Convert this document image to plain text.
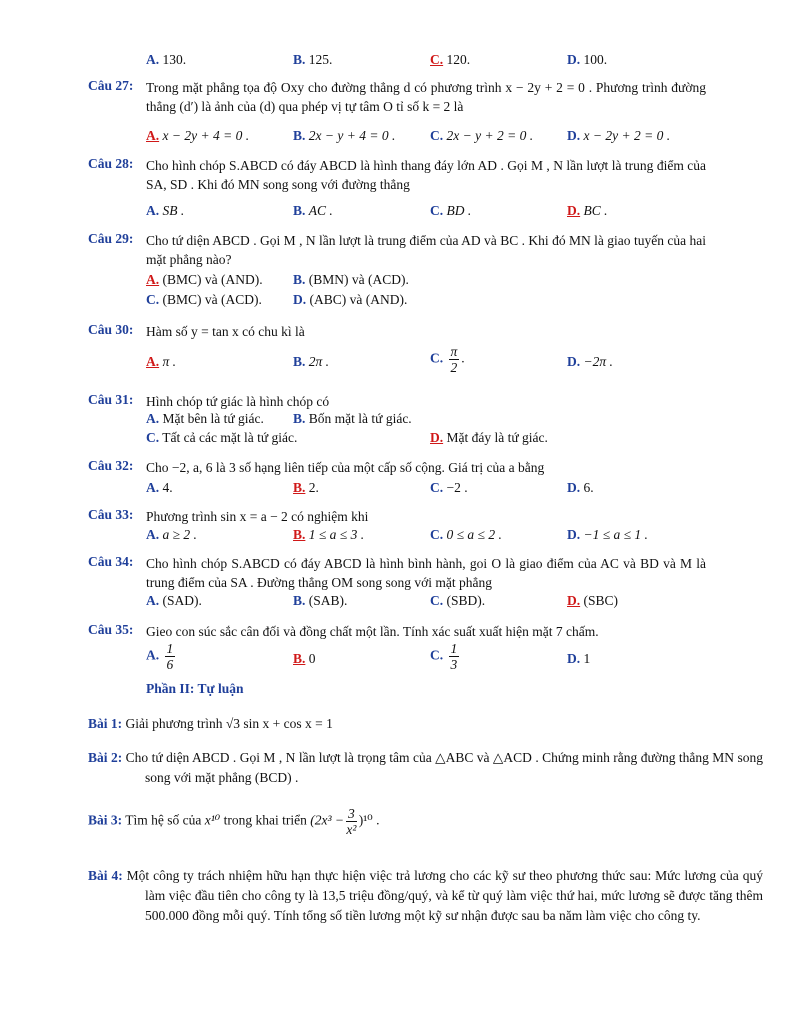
A. 130.	B. 125.	C. 120.	D. 100.
Câu 27: Trong mặt phẳng tọa độ Oxy cho đường thẳng d có phương trình x − 2y + 2 = 0 . Phương trình đường thẳng (d′) là ảnh của (d) qua phép vị tự tâm O tỉ số k = 2 là
A. x − 2y + 4 = 0 .	B. 2x − y + 4 = 0 .	C. 2x − y + 2 = 0 .	D. x − 2y + 2 = 0 .
Câu 28: Cho hình chóp S.ABCD có đáy ABCD là hình thang đáy lớn AD . Gọi M , N lần lượt là trung điểm của SA, SD . Khi đó MN song song với đường thẳng
A. SB .	B. AC .	C. BD .	D. BC .
Câu 29: Cho tứ diện ABCD . Gọi M , N lần lượt là trung điểm của AD và BC . Khi đó MN là giao tuyến của hai mặt phẳng nào?
A. (BMC) và (AND). B. (BMN) và (ACD).
C. (BMC) và (ACD). D. (ABC) và (AND).
Câu 30: Hàm số y = tan x có chu kì là
A. π .	B. 2π .	C. $\frac{\pi}{2}$ .	D. −2π .
Câu 31: Hình chóp tứ giác là hình chóp có
A. Mặt bên là tứ giác. B. Bốn mặt là tứ giác.
C. Tất cả các mặt là tứ giác.	D. Mặt đáy là tứ giác.
Câu 32: Cho −2, a, 6 là 3 số hạng liên tiếp của một cấp số cộng. Giá trị của a bằng
A. 4.	B. 2.	C. −2 .	D. 6.
Câu 33: Phương trình sin x = a − 2 có nghiệm khi
A. a ≥ 2 .	B. 1 ≤ a ≤ 3 .	C. 0 ≤ a ≤ 2 .	D. −1 ≤ a ≤ 1 .
Câu 34: Cho hình chóp S.ABCD có đáy ABCD là hình bình hành, goi O là giao điểm của AC và BD và M là trung điểm của SA . Đường thẳng OM song song với mặt phẳng
A. (SAD).	B. (SAB).	C. (SBD).	D. (SBC)
Câu 35: Gieo con súc sắc cân đối và đồng chất một lần. Tính xác suất xuất hiện mặt 7 chấm.
A. $\frac{1}{6}$	B. 0	C. $\frac{1}{3}$	D. 1
Phần II: Tự luận
Bài 1: Giải phương trình √3 sin x + cos x = 1
Bài 2: Cho tứ diện ABCD . Gọi M , N lần lượt là trọng tâm của △ABC và △ACD . Chứng minh rằng đường thẳng MN song song với mặt phẳng (BCD) .
Bài 3: Tìm hệ số của x¹⁰ trong khai triển $(2x^3 - \frac{3}{\text{x²}} )^{10}$ .
Bài 4: Một công ty trách nhiệm hữu hạn thực hiện việc trả lương cho các kỹ sư theo phương thức sau: Mức lương của quý làm việc đầu tiên cho công ty là 13,5 triệu đồng/quý, và kể từ quý làm việc thứ hai, mức lương sẽ được tăng thêm 500.000 đồng mỗi quý. Tính tổng số tiền lương một kỹ sư nhận được sau ba năm làm việc cho công ty.
